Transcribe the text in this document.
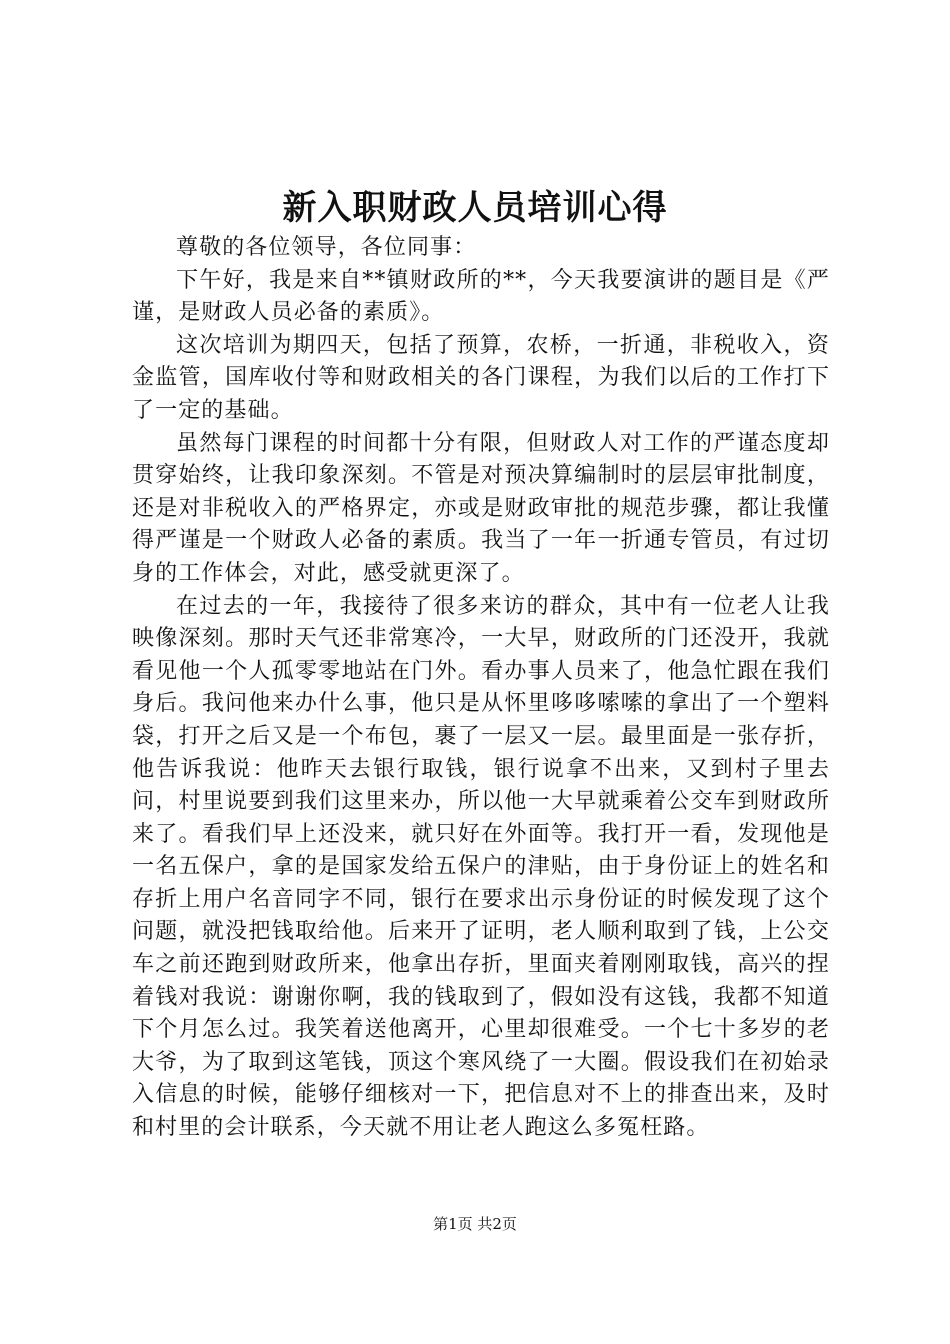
新入职财政人员培训心得

尊敬的各位领导，各位同事：

下午好，我是来自**镇财政所的**，今天我要演讲的题目是《严谨，是财政人员必备的素质》。

这次培训为期四天，包括了预算，农桥，一折通，非税收入，资金监管，国库收付等和财政相关的各门课程，为我们以后的工作打下了一定的基础。

虽然每门课程的时间都十分有限，但财政人对工作的严谨态度却贯穿始终，让我印象深刻。不管是对预决算编制时的层层审批制度，还是对非税收入的严格界定，亦或是财政审批的规范步骤，都让我懂得严谨是一个财政人必备的素质。我当了一年一折通专管员，有过切身的工作体会，对此，感受就更深了。

在过去的一年，我接待了很多来访的群众，其中有一位老人让我映像深刻。那时天气还非常寒冷，一大早，财政所的门还没开，我就看见他一个人孤零零地站在门外。看办事人员来了，他急忙跟在我们身后。我问他来办什么事，他只是从怀里哆哆嗦嗦的拿出了一个塑料袋，打开之后又是一个布包，裹了一层又一层。最里面是一张存折，他告诉我说：他昨天去银行取钱，银行说拿不出来，又到村子里去问，村里说要到我们这里来办，所以他一大早就乘着公交车到财政所来了。看我们早上还没来，就只好在外面等。我打开一看，发现他是一名五保户，拿的是国家发给五保户的津贴，由于身份证上的姓名和存折上用户名音同字不同，银行在要求出示身份证的时候发现了这个问题，就没把钱取给他。后来开了证明，老人顺利取到了钱，上公交车之前还跑到财政所来，他拿出存折，里面夹着刚刚取钱，高兴的捏着钱对我说：谢谢你啊，我的钱取到了，假如没有这钱，我都不知道下个月怎么过。我笑着送他离开，心里却很难受。一个七十多岁的老大爷，为了取到这笔钱，顶这个寒风绕了一大圈。假设我们在初始录入信息的时候，能够仔细核对一下，把信息对不上的排查出来，及时和村里的会计联系，今天就不用让老人跑这么多冤枉路。

第1页 共2页
